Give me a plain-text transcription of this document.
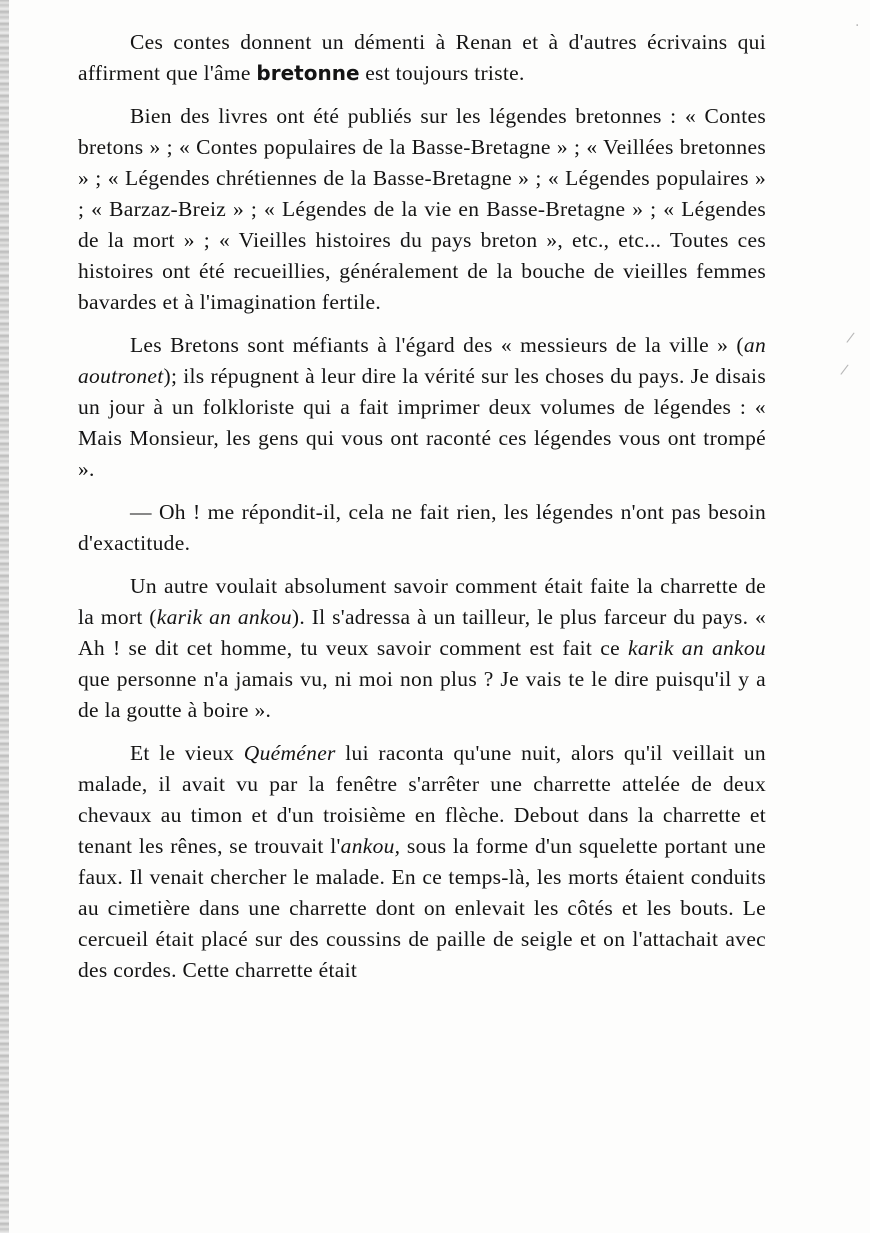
·
/
/

Ces contes donnent un démenti à Renan et à d'autres écrivains qui affirment que l'âme bretonne est toujours triste.

Bien des livres ont été publiés sur les légendes bretonnes : « Contes bretons » ; « Contes populaires de la Basse-Bretagne » ; « Veillées bretonnes » ; « Légendes chrétiennes de la Basse-Bretagne » ; « Légendes populaires » ; « Barzaz-Breiz » ; « Légendes de la vie en Basse-Bretagne » ; « Légendes de la mort » ; « Vieilles histoires du pays breton », etc., etc... Toutes ces histoires ont été recueillies, généralement de la bouche de vieilles femmes bavardes et à l'imagination fertile.

Les Bretons sont méfiants à l'égard des « messieurs de la ville » (an aoutronet); ils répugnent à leur dire la vérité sur les choses du pays. Je disais un jour à un folkloriste qui a fait imprimer deux volumes de légendes : « Mais Monsieur, les gens qui vous ont raconté ces légendes vous ont trompé ».

— Oh ! me répondit-il, cela ne fait rien, les légendes n'ont pas besoin d'exactitude.

Un autre voulait absolument savoir comment était faite la charrette de la mort (karik an ankou). Il s'adressa à un tailleur, le plus farceur du pays. « Ah ! se dit cet homme, tu veux savoir comment est fait ce karik an ankou que personne n'a jamais vu, ni moi non plus ? Je vais te le dire puisqu'il y a de la goutte à boire ».

Et le vieux Quéméner lui raconta qu'une nuit, alors qu'il veillait un malade, il avait vu par la fenêtre s'arrêter une charrette attelée de deux chevaux au timon et d'un troisième en flèche. Debout dans la charrette et tenant les rênes, se trouvait l'ankou, sous la forme d'un squelette portant une faux. Il venait chercher le malade. En ce temps-là, les morts étaient conduits au cimetière dans une charrette dont on enlevait les côtés et les bouts. Le cercueil était placé sur des coussins de paille de seigle et on l'attachait avec des cordes. Cette charrette était
